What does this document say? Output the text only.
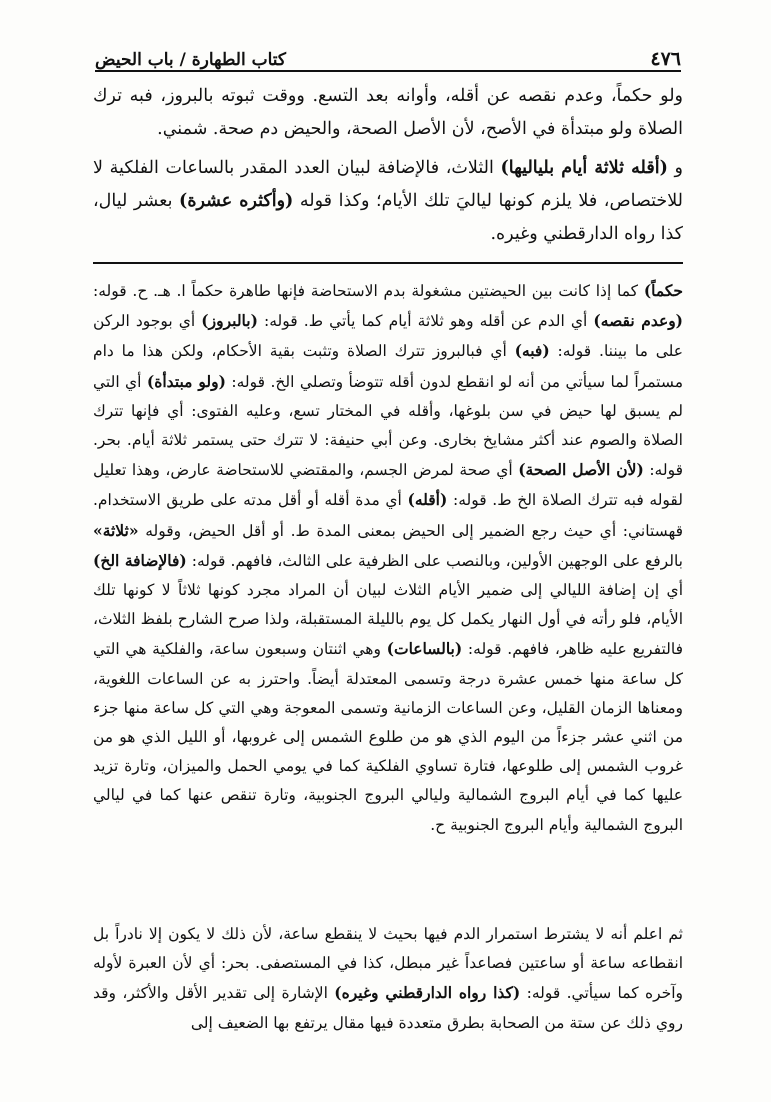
٤٧٦
كتاب الطهارة / باب الحيض

ولو حكماً، وعدم نقصه عن أقله، وأوانه بعد التسع. ووقت ثبوته بالبروز، فبه ترك الصلاة ولو مبتدأة في الأصح، لأن الأصل الصحة، والحيض دم صحة. شمني.

و (أقله ثلاثة أيام بلياليها) الثلاث، فالإضافة لبيان العدد المقدر بالساعات الفلكية لا للاختصاص، فلا يلزم كونها لياليَ تلك الأيام؛ وكذا قوله (وأكثره عشرة) بعشر ليال، كذا رواه الدارقطني وغيره.

حكماً) كما إذا كانت بين الحيضتين مشغولة بدم الاستحاضة فإنها طاهرة حكماً ا. هـ. ح. قوله: (وعدم نقصه) أي الدم عن أقله وهو ثلاثة أيام كما يأتي ط. قوله: (بالبروز) أي بوجود الركن على ما بيننا. قوله: (فبه) أي فبالبروز تترك الصلاة وتثبت بقية الأحكام، ولكن هذا ما دام مستمراً لما سيأتي من أنه لو انقطع لدون أقله تتوضأ وتصلي الخ. قوله: (ولو مبتدأة) أي التي لم يسبق لها حيض في سن بلوغها، وأقله في المختار تسع، وعليه الفتوى: أي فإنها تترك الصلاة والصوم عند أكثر مشايخ بخارى. وعن أبي حنيفة: لا تترك حتى يستمر ثلاثة أيام. بحر. قوله: (لأن الأصل الصحة) أي صحة لمرض الجسم، والمقتضي للاستحاضة عارض، وهذا تعليل لقوله فبه تترك الصلاة الخ ط. قوله: (أقله) أي مدة أقله أو أقل مدته على طريق الاستخدام. قهستاني: أي حيث رجع الضمير إلى الحيض بمعنى المدة ط. أو أقل الحيض، وقوله «ثلاثة» بالرفع على الوجهين الأولين، وبالنصب على الظرفية على الثالث، فافهم. قوله: (فالإضافة الخ) أي إن إضافة الليالي إلى ضمير الأيام الثلاث لبيان أن المراد مجرد كونها ثلاثاً لا كونها تلك الأيام، فلو رأته في أول النهار يكمل كل يوم بالليلة المستقبلة، ولذا صرح الشارح بلفظ الثلاث، فالتفريع عليه ظاهر، فافهم. قوله: (بالساعات) وهي اثنتان وسبعون ساعة، والفلكية هي التي كل ساعة منها خمس عشرة درجة وتسمى المعتدلة أيضاً. واحترز به عن الساعات اللغوية، ومعناها الزمان القليل، وعن الساعات الزمانية وتسمى المعوجة وهي التي كل ساعة منها جزء من اثني عشر جزءاً من اليوم الذي هو من طلوع الشمس إلى غروبها، أو الليل الذي هو من غروب الشمس إلى طلوعها، فتارة تساوي الفلكية كما في يومي الحمل والميزان، وتارة تزيد عليها كما في أيام البروج الشمالية وليالي البروج الجنوبية، وتارة تنقص عنها كما في ليالي البروج الشمالية وأيام البروج الجنوبية ح.

ثم اعلم أنه لا يشترط استمرار الدم فيها بحيث لا ينقطع ساعة، لأن ذلك لا يكون إلا نادراً بل انقطاعه ساعة أو ساعتين فصاعداً غير مبطل، كذا في المستصفى. بحر: أي لأن العبرة لأوله وآخره كما سيأتي. قوله: (كذا رواه الدارقطني وغيره) الإشارة إلى تقدير الأقل والأكثر، وقد روي ذلك عن ستة من الصحابة بطرق متعددة فيها مقال يرتفع بها الضعيف إلى
